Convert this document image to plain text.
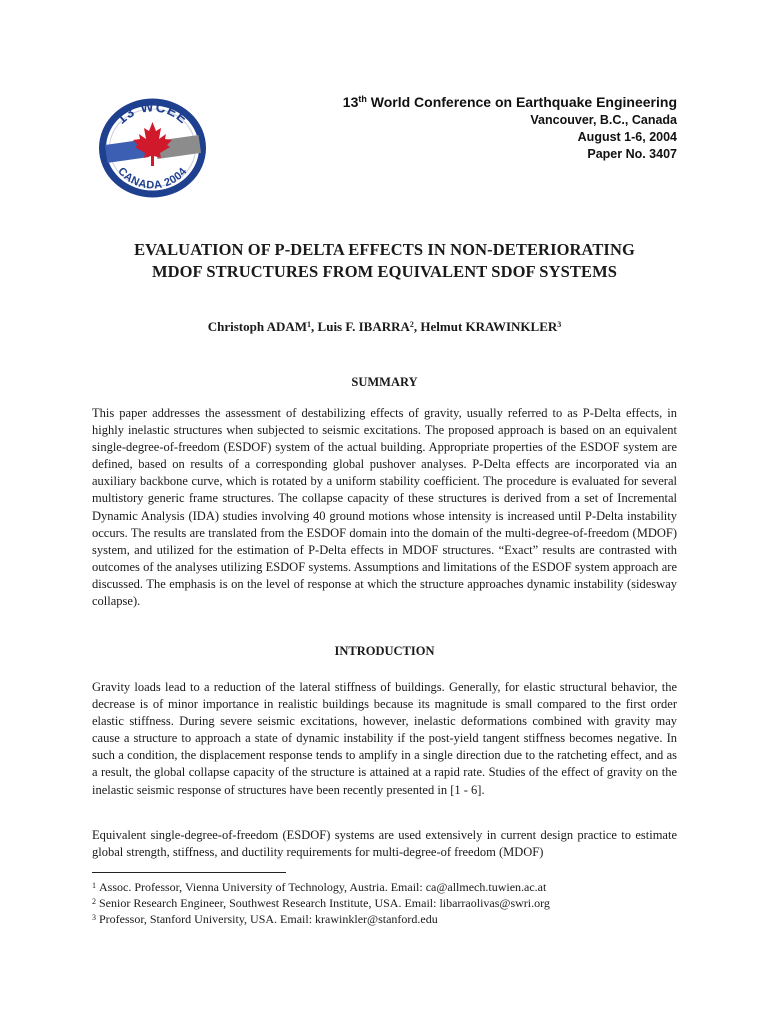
13 WCEE
CANADA 2004
13th World Conference on Earthquake Engineering
Vancouver, B.C., Canada
August 1-6, 2004
Paper No. 3407
EVALUATION OF P-DELTA EFFECTS IN NON-DETERIORATING
MDOF STRUCTURES FROM EQUIVALENT SDOF SYSTEMS
Christoph ADAM$^1$, Luis F. IBARRA$^2$, Helmut KRAWINKLER$^3$
SUMMARY
This paper addresses the assessment of destabilizing effects of gravity, usually referred to as P-Delta effects, in highly inelastic structures when subjected to seismic excitations. The proposed approach is based on an equivalent single-degree-of-freedom (ESDOF) system of the actual building. Appropriate properties of the ESDOF system are defined, based on results of a corresponding global pushover analyses. P-Delta effects are incorporated via an auxiliary backbone curve, which is rotated by a uniform stability coefficient. The procedure is evaluated for several multistory generic frame structures. The collapse capacity of these structures is derived from a set of Incremental Dynamic Analysis (IDA) studies involving 40 ground motions whose intensity is increased until P-Delta instability occurs. The results are translated from the ESDOF domain into the domain of the multi-degree-of-freedom (MDOF) system, and utilized for the estimation of P-Delta effects in MDOF structures. “Exact” results are contrasted with outcomes of the analyses utilizing ESDOF systems. Assumptions and limitations of the ESDOF system approach are discussed. The emphasis is on the level of response at which the structure approaches dynamic instability (sidesway collapse).
INTRODUCTION
Gravity loads lead to a reduction of the lateral stiffness of buildings. Generally, for elastic structural behavior, the decrease is of minor importance in realistic buildings because its magnitude is small compared to the first order elastic stiffness. During severe seismic excitations, however, inelastic deformations combined with gravity may cause a structure to approach a state of dynamic instability if the post-yield tangent stiffness becomes negative. In such a condition, the displacement response tends to amplify in a single direction due to the ratcheting effect, and as a result, the global collapse capacity of the structure is attained at a rapid rate. Studies of the effect of gravity on the inelastic seismic response of structures have been recently presented in [1 - 6].
Equivalent single-degree-of-freedom (ESDOF) systems are used extensively in current design practice to estimate global strength, stiffness, and ductility requirements for multi-degree-of freedom (MDOF)
$^1$ Assoc. Professor, Vienna University of Technology, Austria. Email: ca@allmech.tuwien.ac.at
$^2$ Senior Research Engineer, Southwest Research Institute, USA. Email: libarraolivas@swri.org
$^3$ Professor, Stanford University, USA. Email: krawinkler@stanford.edu
